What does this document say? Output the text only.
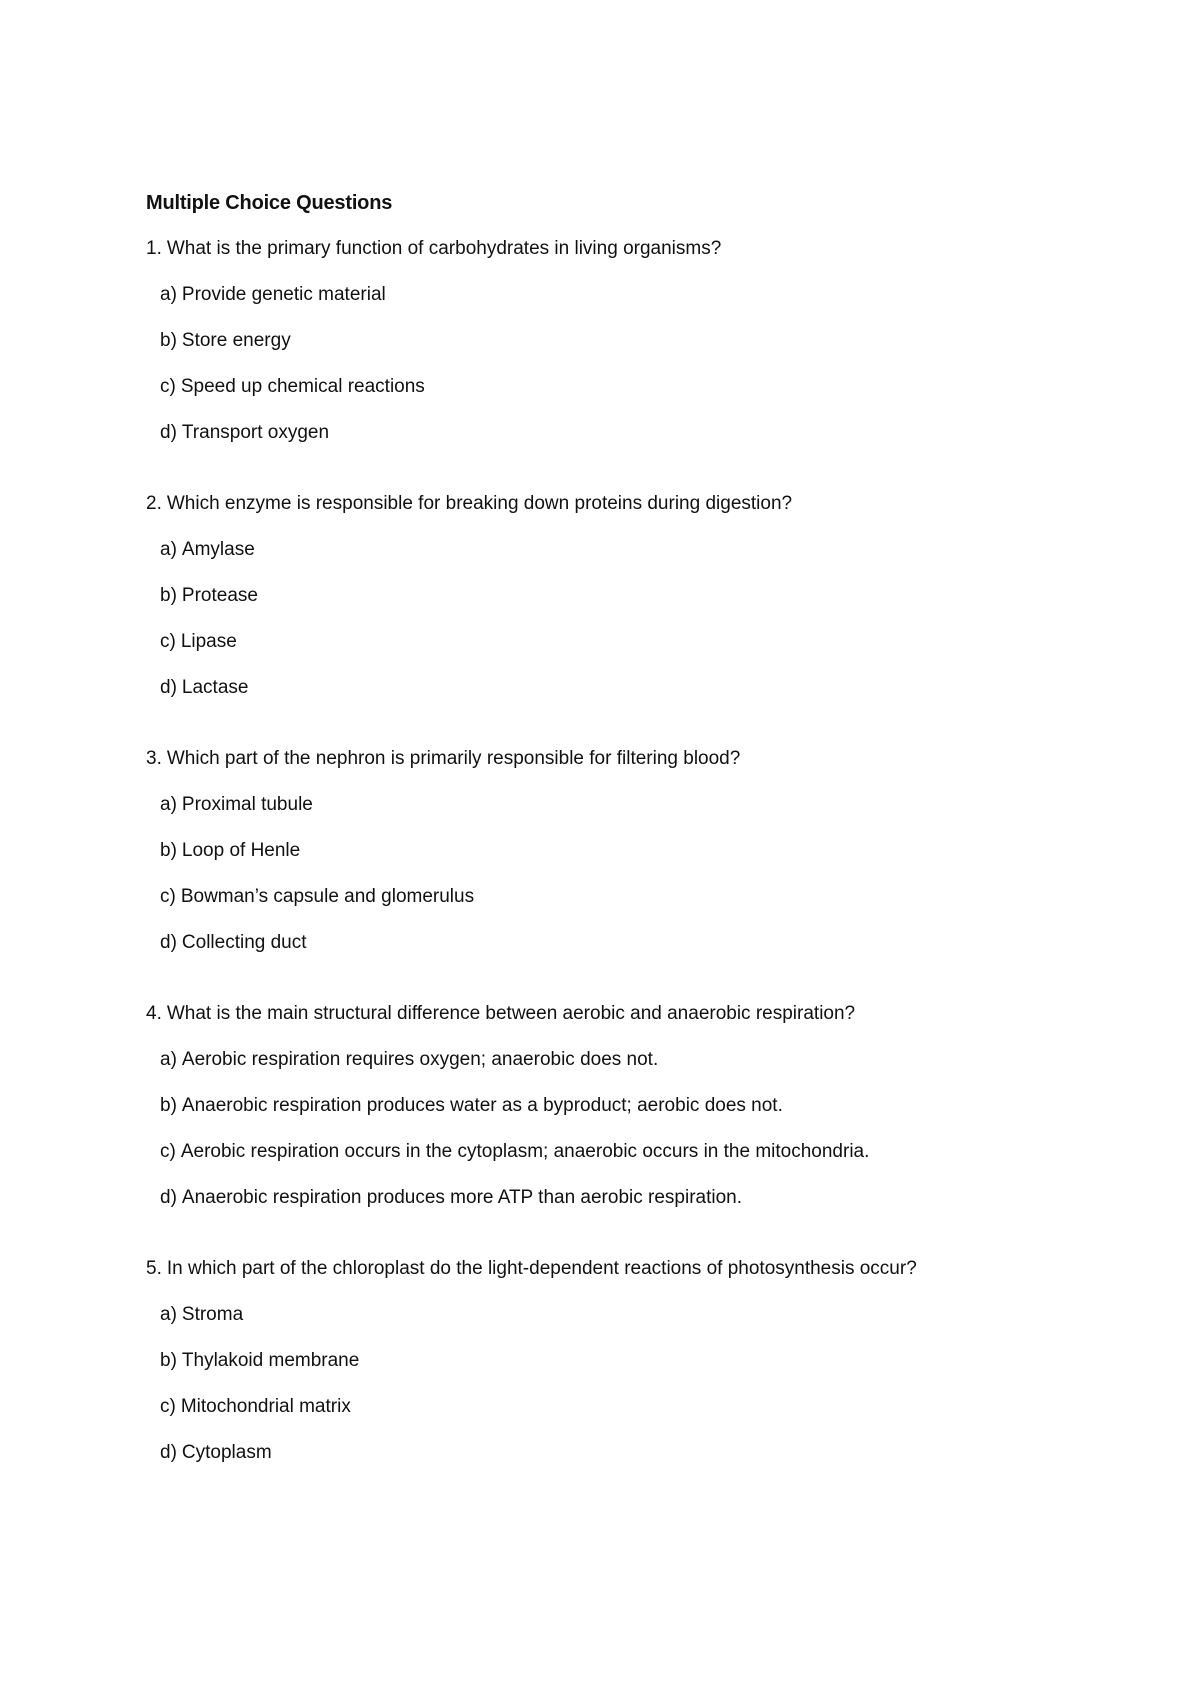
Multiple Choice Questions
1. What is the primary function of carbohydrates in living organisms?
a) Provide genetic material
b) Store energy
c) Speed up chemical reactions
d) Transport oxygen
2. Which enzyme is responsible for breaking down proteins during digestion?
a) Amylase
b) Protease
c) Lipase
d) Lactase
3. Which part of the nephron is primarily responsible for filtering blood?
a) Proximal tubule
b) Loop of Henle
c) Bowman’s capsule and glomerulus
d) Collecting duct
4. What is the main structural difference between aerobic and anaerobic respiration?
a) Aerobic respiration requires oxygen; anaerobic does not.
b) Anaerobic respiration produces water as a byproduct; aerobic does not.
c) Aerobic respiration occurs in the cytoplasm; anaerobic occurs in the mitochondria.
d) Anaerobic respiration produces more ATP than aerobic respiration.
5. In which part of the chloroplast do the light-dependent reactions of photosynthesis occur?
a) Stroma
b) Thylakoid membrane
c) Mitochondrial matrix
d) Cytoplasm
